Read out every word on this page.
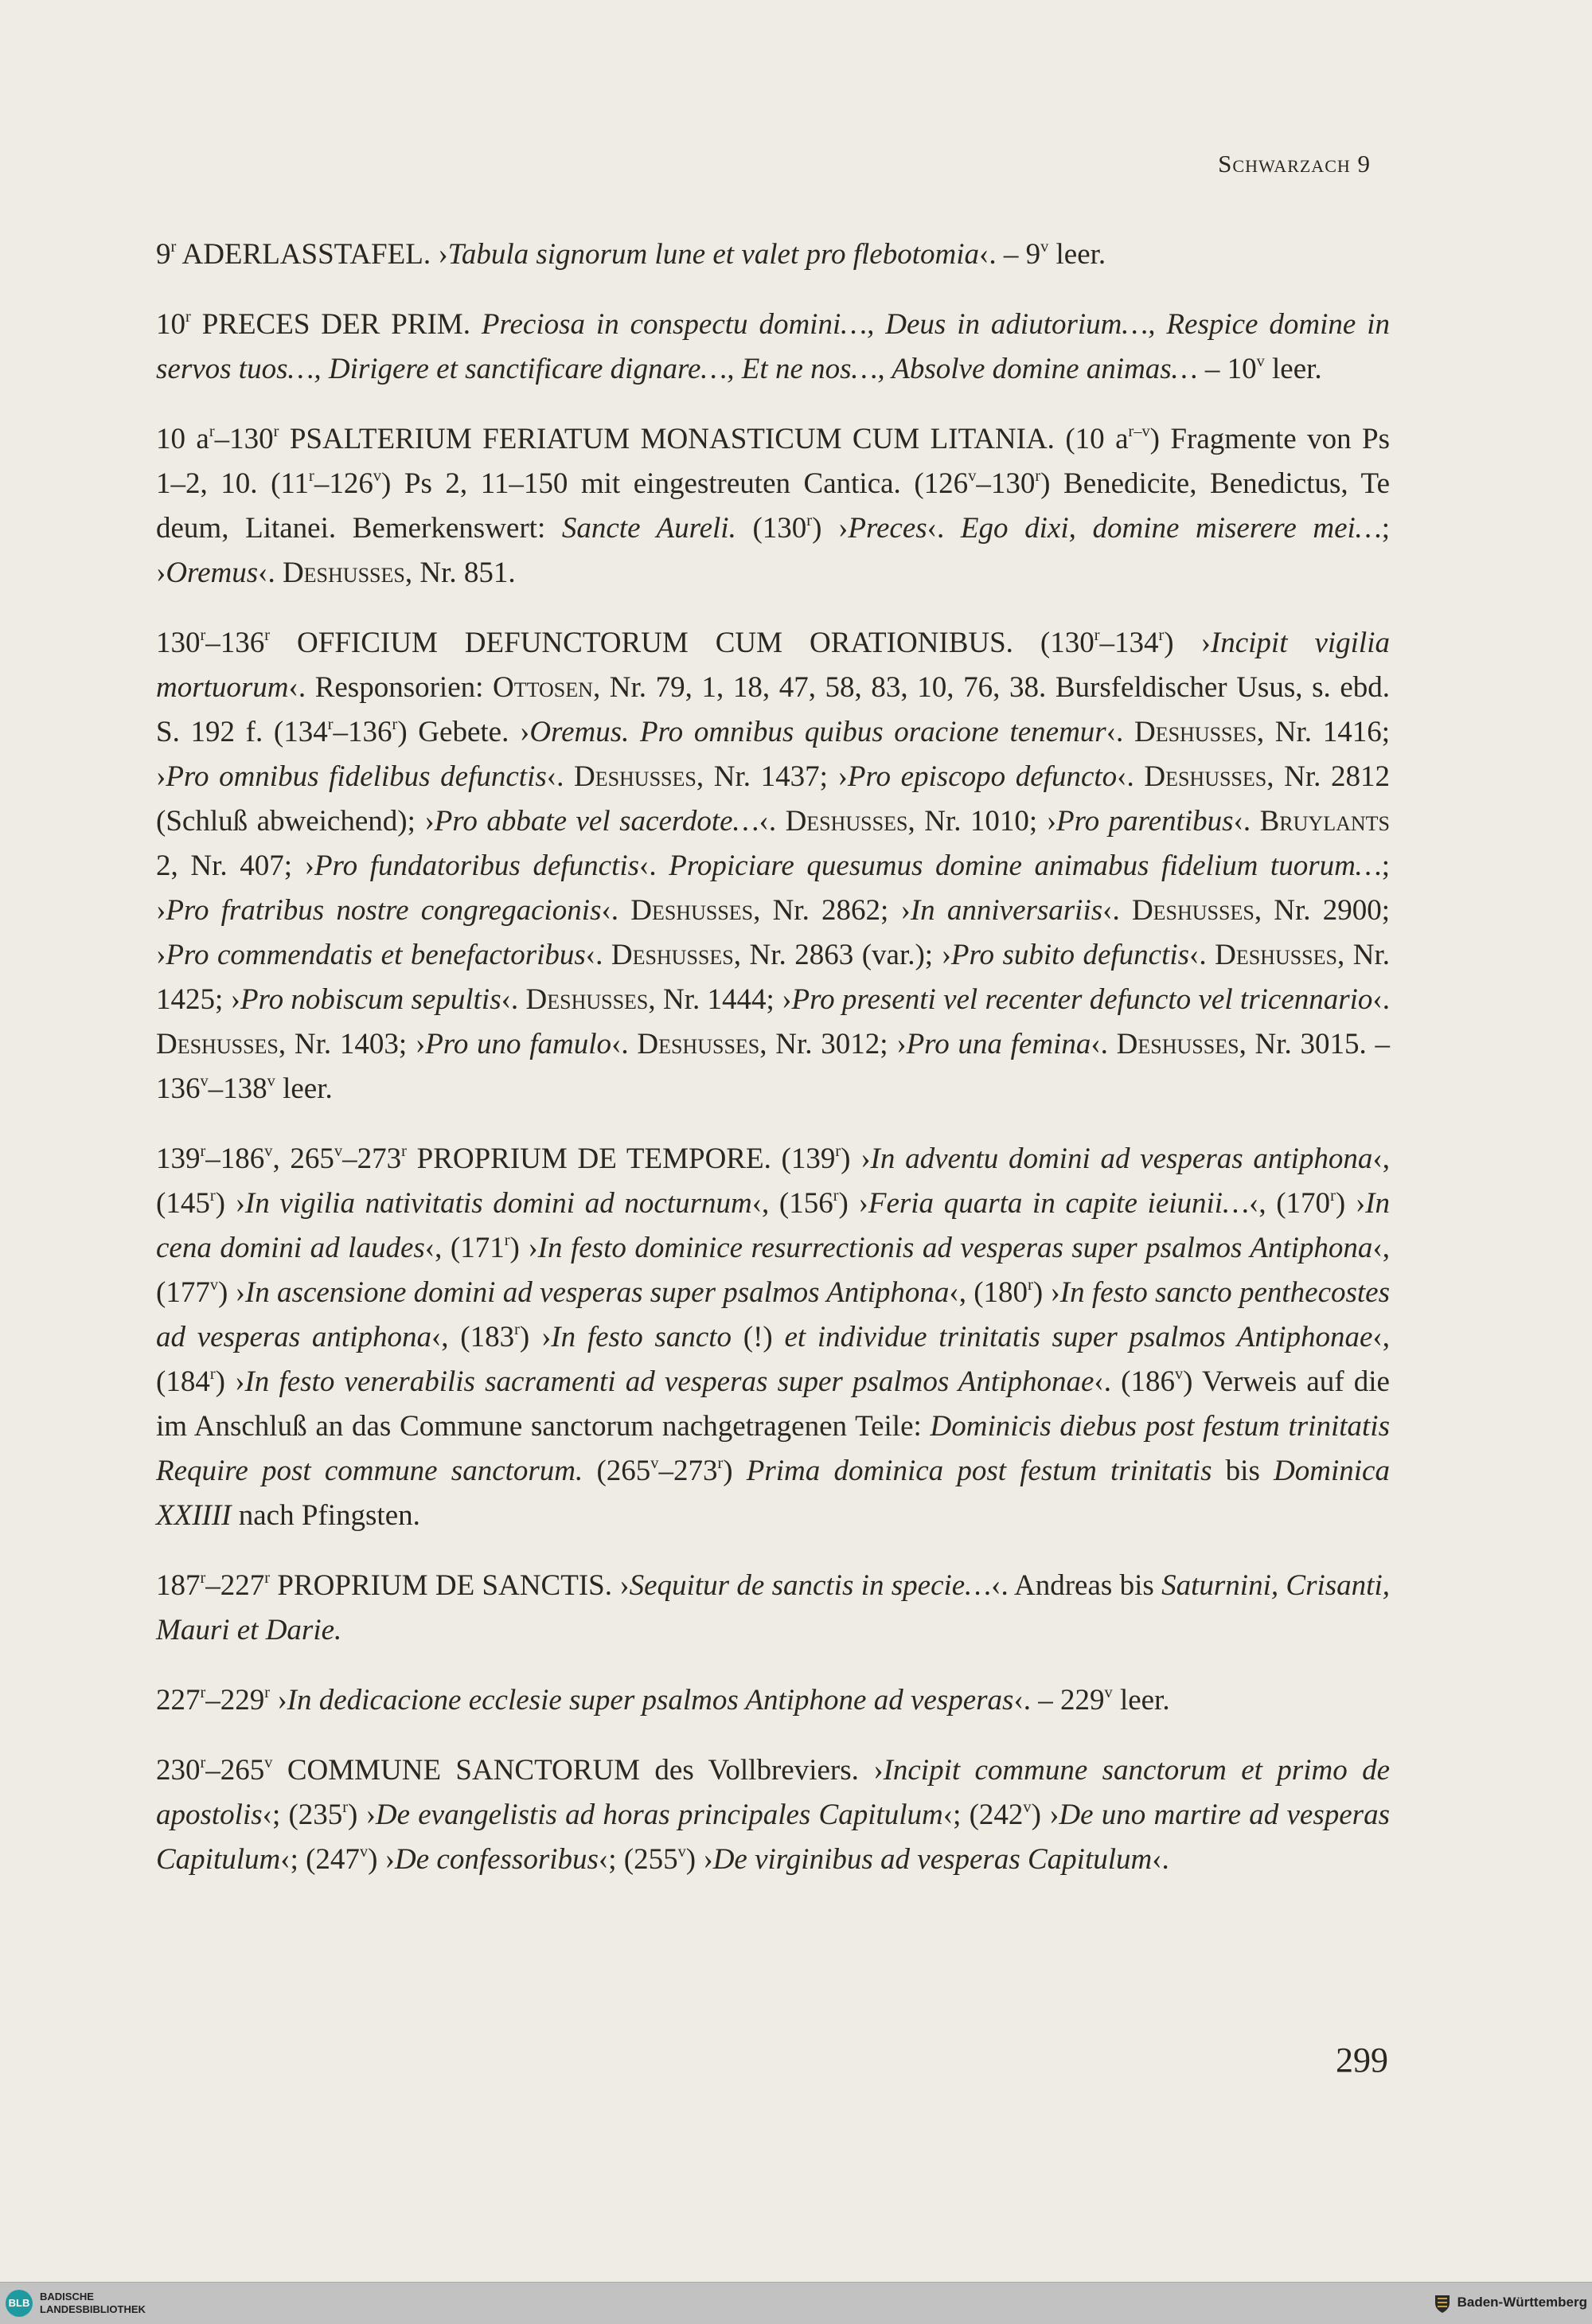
Schwarzach 9

9$^r$ ADERLASSTAFEL. ›Tabula signorum lune et valet pro flebotomia‹. – 9$^v$ leer.

10$^r$ PRECES DER PRIM. Preciosa in conspectu domini…, Deus in adiutorium…, Respice domine in servos tuos…, Dirigere et sanctificare dignare…, Et ne nos…, Absolve domine animas… – 10$^v$ leer.

10 $a^r-130^r$ PSALTERIUM FERIATUM MONASTICUM CUM LITANIA. (10 $a^{r-v}$) Fragmente von Ps 1–2, 10. (11$^r$–126$^v$) Ps 2, 11–150 mit eingestreuten Cantica. (126$^v$–130$^r$) Benedicite, Benedictus, Te deum, Litanei. Bemerkenswert: Sancte Aureli. (130$^r$) ›Preces‹. Ego dixi, domine miserere mei…; ›Oremus‹. Deshusses, Nr. 851.

130$^r$–136$^r$ OFFICIUM DEFUNCTORUM CUM ORATIONIBUS. (130$^r$–134$^r$) ›Incipit vigilia mortuorum‹. Responsorien: Ottosen, Nr. 79, 1, 18, 47, 58, 83, 10, 76, 38. Bursfeldischer Usus, s. ebd. S. 192 f. (134$^r$–136$^r$) Gebete. ›Oremus. Pro omnibus quibus oracione tenemur‹. Deshusses, Nr. 1416; ›Pro omnibus fidelibus defunctis‹. Deshusses, Nr. 1437; ›Pro episcopo defuncto‹. Deshusses, Nr. 2812 (Schluß abweichend); ›Pro abbate vel sacerdote…‹. Deshusses, Nr. 1010; ›Pro parentibus‹. Bruylants 2, Nr. 407; ›Pro fundatoribus defunctis‹. Propiciare quesumus domine animabus fidelium tuorum…; ›Pro fratribus nostre congregacionis‹. Deshusses, Nr. 2862; ›In anniversariis‹. Deshusses, Nr. 2900; ›Pro commendatis et benefactoribus‹. Deshusses, Nr. 2863 (var.); ›Pro subito defunctis‹. Deshusses, Nr. 1425; ›Pro nobiscum sepultis‹. Deshusses, Nr. 1444; ›Pro presenti vel recenter defuncto vel tricennario‹. Deshusses, Nr. 1403; ›Pro uno famulo‹. Deshusses, Nr. 3012; ›Pro una femina‹. Deshusses, Nr. 3015. – 136$^v$–138$^v$ leer.

139$^r$–186$^v$, 265$^v$–273$^r$ PROPRIUM DE TEMPORE. (139$^r$) ›In adventu domini ad vesperas antiphona‹, (145$^r$) ›In vigilia nativitatis domini ad nocturnum‹, (156$^r$) ›Feria quarta in capite ieiunii…‹, (170$^r$) ›In cena domini ad laudes‹, (171$^r$) ›In festo dominice resurrectionis ad vesperas super psalmos Antiphona‹, (177$^v$) ›In ascensione domini ad vesperas super psalmos Antiphona‹, (180$^r$) ›In festo sancto penthecostes ad vesperas antiphona‹, (183$^r$) ›In festo sancto (!) et individue trinitatis super psalmos Antiphonae‹, (184$^r$) ›In festo venerabilis sacramenti ad vesperas super psalmos Antiphonae‹. (186$^v$) Verweis auf die im Anschluß an das Commune sanctorum nachgetragenen Teile: Dominicis diebus post festum trinitatis Require post commune sanctorum. (265$^v$–273$^r$) Prima dominica post festum trinitatis bis Dominica XXIIII nach Pfingsten.

187$^r$–227$^r$ PROPRIUM DE SANCTIS. ›Sequitur de sanctis in specie…‹. Andreas bis Saturnini, Crisanti, Mauri et Darie.

227$^r$–229$^r$ ›In dedicacione ecclesie super psalmos Antiphone ad vesperas‹. – 229$^v$ leer.

230$^r$–265$^v$ COMMUNE SANCTORUM des Vollbreviers. ›Incipit commune sanctorum et primo de apostolis‹; (235$^r$) ›De evangelistis ad horas principales Capitulum‹; (242$^v$) ›De uno martire ad vesperas Capitulum‹; (247$^v$) ›De confessoribus‹; (255$^v$) ›De virginibus ad vesperas Capitulum‹.

299
BLB
BADISCHE
LANDESBIBLIOTHEK	Baden-Württemberg
